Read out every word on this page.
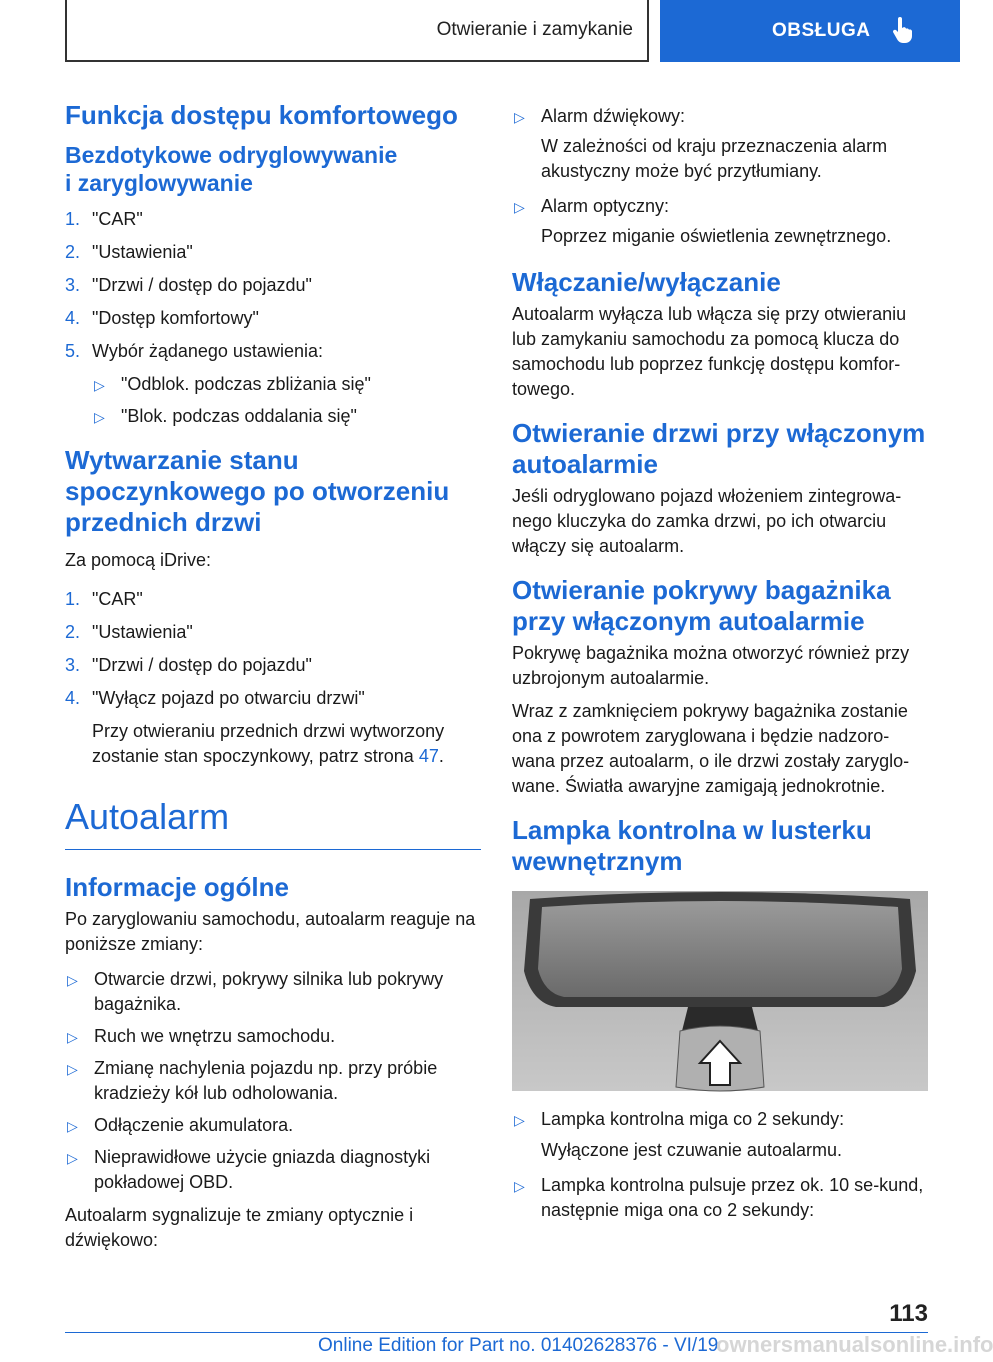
Otwieranie i zamykanie	OBSŁUGA
Funkcja dostępu komfortowego
Bezdotykowe odryglowywanie
i zaryglowywanie
1. "CAR"
2. "Ustawienia"
3. "Drzwi / dostęp do pojazdu"
4. "Dostęp komfortowy"
5. Wybór żądanego ustawienia:
▷ "Odblok. podczas zbliżania się"
▷ "Blok. podczas oddalania się"
Wytwarzanie stanu spoczynkowego po otworzeniu przednich drzwi

Za pomocą iDrive:

1. "CAR"
2. "Ustawienia"
3. "Drzwi / dostęp do pojazdu"
4. "Wyłącz pojazd po otwarciu drzwi"

Przy otwieraniu przednich drzwi wytworzony zostanie stan spoczynkowy, patrz strona 47.

Autoalarm
Informacje ogólne

Po zaryglowaniu samochodu, autoalarm reaguje na poniższe zmiany:

▷ Otwarcie drzwi, pokrywy silnika lub pokrywy bagażnika.
▷ Ruch we wnętrzu samochodu.
▷ Zmianę nachylenia pojazdu np. przy próbie kradzieży kół lub odholowania.
▷ Odłączenie akumulatora.
▷ Nieprawidłowe użycie gniazda diagnostyki pokładowej OBD.

Autoalarm sygnalizuje te zmiany optycznie i dźwiękowo:

▷ Alarm dźwiękowy:

W zależności od kraju przeznaczenia alarm akustyczny może być przytłumiany.

▷ Alarm optyczny:

Poprzez miganie oświetlenia zewnętrznego.

Włączanie/wyłączanie

Autoalarm wyłącza lub włącza się przy otwieraniu lub zamykaniu samochodu za pomocą klucza do samochodu lub poprzez funkcję dostępu komfor-towego.

Otwieranie drzwi przy włączonym autoalarmie

Jeśli odryglowano pojazd włożeniem zintegrowa-nego kluczyka do zamka drzwi, po ich otwarciu włączy się autoalarm.

Otwieranie pokrywy bagażnika przy włączonym autoalarmie

Pokrywę bagażnika można otworzyć również przy uzbrojonym autoalarmie.

Wraz z zamknięciem pokrywy bagażnika zostanie ona z powrotem zaryglowana i będzie nadzoro-wana przez autoalarm, o ile drzwi zostały zaryglo-wane. Światła awaryjne zamigają jednokrotnie.

Lampka kontrolna w lusterku wewnętrznym
▷ Lampka kontrolna miga co 2 sekundy:

Wyłączone jest czuwanie autoalarmu.

▷ Lampka kontrolna pulsuje przez ok. 10 se-kund, następnie miga ona co 2 sekundy:
113
Online Edition for Part no. 01402628376 - VI/19
ownersmanualsonline.info
